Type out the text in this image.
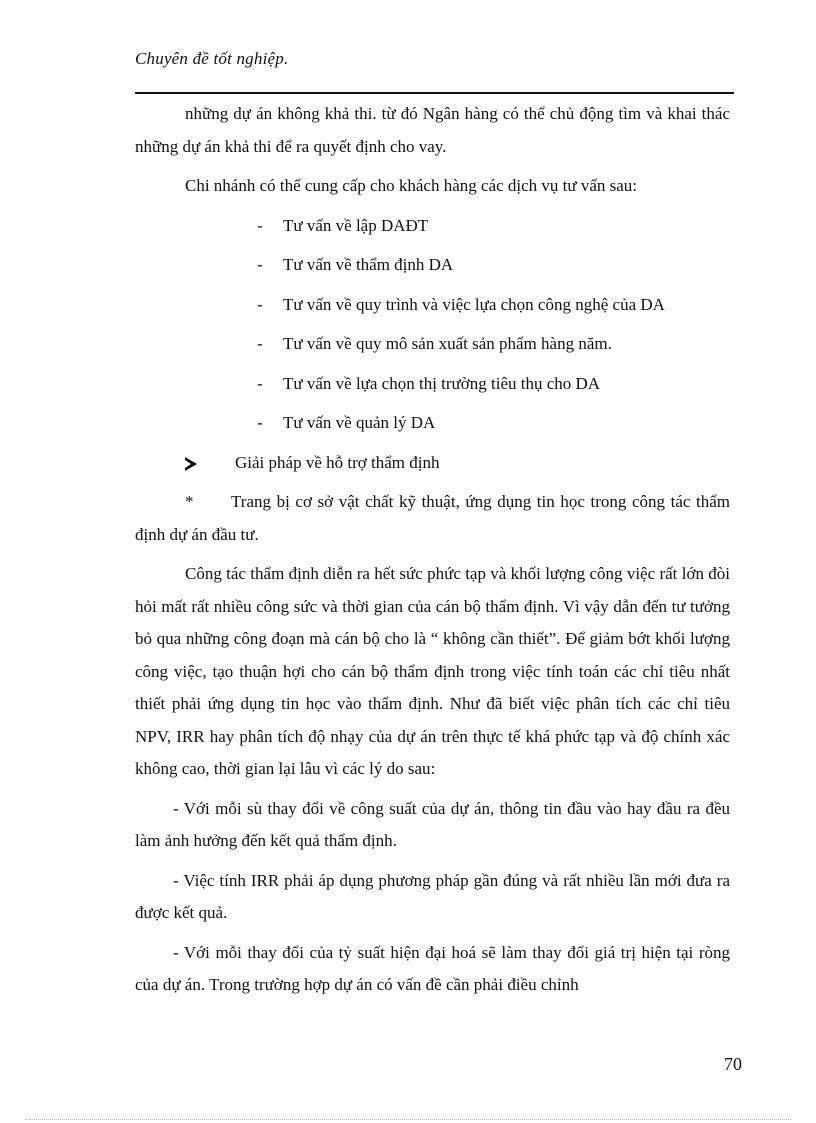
Chuyên đề tốt nghiệp.

những dự án không khả thi. từ đó Ngân hàng có thể chủ động tìm và khai thác những dự án khả thi để ra quyết định cho vay.

Chi nhánh có thể cung cấp cho khách hàng các dịch vụ tư vấn sau:

- Tư vấn về lập DAĐT
- Tư vấn về thẩm định DA
- Tư vấn về quy trình và việc lựa chọn công nghệ của DA
- Tư vấn về quy mô sản xuất sản phẩm hàng năm.
- Tư vấn về lựa chọn thị trường tiêu thụ cho DA
- Tư vấn về quản lý DA
Giải pháp về hỗ trợ thẩm định

* Trang bị cơ sở vật chất kỹ thuật, ứng dụng tin học trong công tác thẩm định dự án đầu tư.

Công tác thẩm định diễn ra hết sức phức tạp và khối lượng công việc rất lớn đòi hỏi mất rất nhiều công sức và thời gian của cán bộ thẩm định. Vì vậy dẫn đến tư tưởng bỏ qua những công đoạn mà cán bộ cho là “ không cần thiết”. Để giảm bớt khối lượng công việc, tạo thuận hợi cho cán bộ thẩm định trong việc tính toán các chỉ tiêu nhất thiết phải ứng dụng tin học vào thẩm định. Như đã biết việc phân tích các chỉ tiêu NPV, IRR hay phân tích độ nhạy của dự án trên thực tế khá phức tạp và độ chính xác không cao, thời gian lại lâu vì các lý do sau:

- Với mỗi sù thay đổi về công suất của dự án, thông tin đầu vào hay đầu ra đều làm ảnh hưởng đến kết quả thẩm định.

- Việc tính IRR phải áp dụng phương pháp gần đúng và rất nhiều lần mới đưa ra được kết quả.

- Với mỗi thay đổi của tỷ suất hiện đại hoá sẽ làm thay đổi giá trị hiện tại ròng của dự án. Trong trường hợp dự án có vấn đề cần phải điều chỉnh

70
